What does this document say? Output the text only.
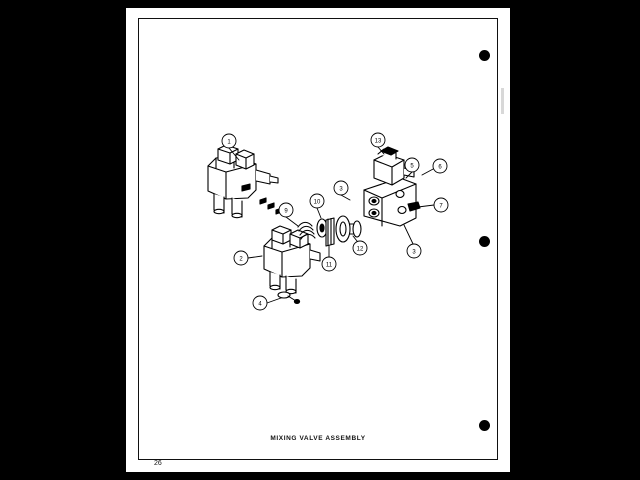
1
2
3
3
4
5	6
7
9
10
11
12
13
MIXING VALVE ASSEMBLY
26
